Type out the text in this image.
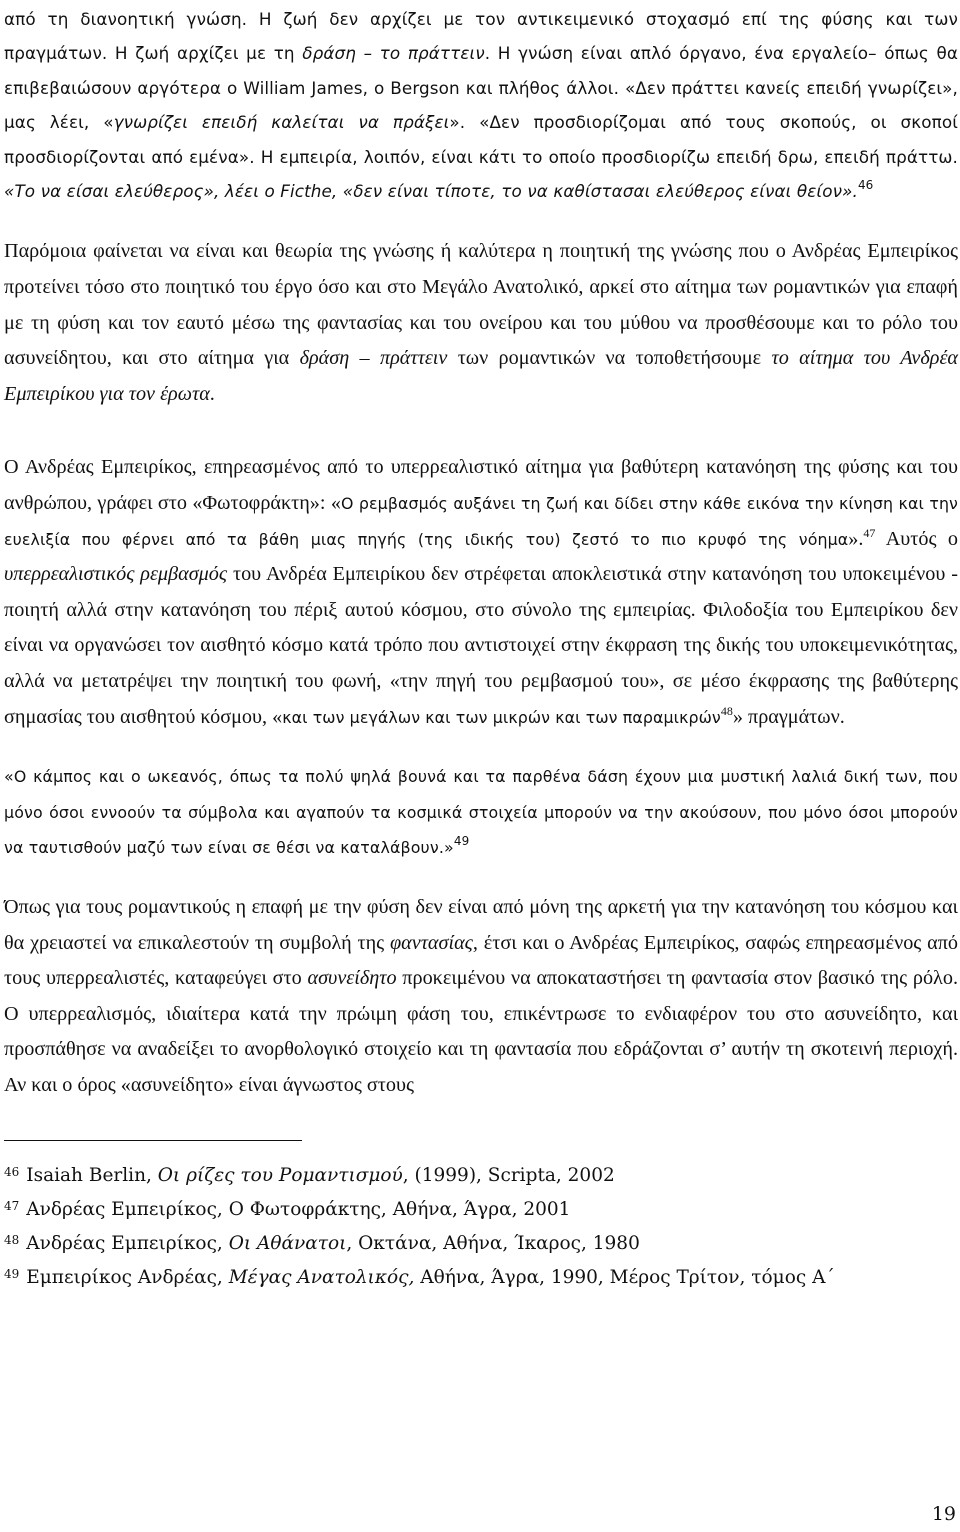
από τη διανοητική γνώση. Η ζωή δεν αρχίζει με τον αντικειμενικό στοχασμό επί της φύσης και των πραγμάτων. Η ζωή αρχίζει με τη δράση – το πράττειν. Η γνώση είναι απλό όργανο, ένα εργαλείο– όπως θα επιβεβαιώσουν αργότερα ο William James, ο Bergson και πλήθος άλλοι. «Δεν πράττει κανείς επειδή γνωρίζει», μας λέει, «γνωρίζει επειδή καλείται να πράξει». «Δεν προσδιορίζομαι από τους σκοπούς, οι σκοποί προσδιορίζονται από εμένα». Η εμπειρία, λοιπόν, είναι κάτι το οποίο προσδιορίζω επειδή δρω, επειδή πράττω. «Το να είσαι ελεύθερος», λέει ο Ficthe, «δεν είναι τίποτε, το να καθίστασαι ελεύθερος είναι θείον».$^{46}$

Παρόμοια φαίνεται να είναι και θεωρία της γνώσης ή καλύτερα η ποιητική της γνώσης που ο Ανδρέας Εμπειρίκος προτείνει τόσο στο ποιητικό του έργο όσο και στο Μεγάλο Ανατολικό, αρκεί στο αίτημα των ρομαντικών για επαφή με τη φύση και τον εαυτό μέσω της φαντασίας και του ονείρου και του μύθου να προσθέσουμε και το ρόλο του ασυνείδητου, και στο αίτημα για δράση – πράττειν των ρομαντικών να τοποθετήσουμε το αίτημα του Ανδρέα Εμπειρίκου για τον έρωτα.

Ο Ανδρέας Εμπειρίκος, επηρεασμένος από το υπερρεαλιστικό αίτημα για βαθύτερη κατανόηση της φύσης και του ανθρώπου, γράφει στο «Φωτοφράκτη»: «Ο ρεμβασμός αυξάνει τη ζωή και δίδει στην κάθε εικόνα την κίνηση και την ευελιξία που φέρνει από τα βάθη μιας πηγής (της ιδικής του) ζεστό το πιο κρυφό της νόημα».$^{47}$ Αυτός ο υπερρεαλιστικός ρεμβασμός του Ανδρέα Εμπειρίκου δεν στρέφεται αποκλειστικά στην κατανόηση του υποκειμένου - ποιητή αλλά στην κατανόηση του πέριξ αυτού κόσμου, στο σύνολο της εμπειρίας. Φιλοδοξία του Εμπειρίκου δεν είναι να οργανώσει τον αισθητό κόσμο κατά τρόπο που αντιστοιχεί στην έκφραση της δικής του υποκειμενικότητας, αλλά να μετατρέψει την ποιητική του φωνή, «την πηγή του ρεμβασμού του», σε μέσο έκφρασης της βαθύτερης σημασίας του αισθητού κόσμου, «και των μεγάλων και των μικρών και των παραμικρών$^{48}$» πραγμάτων.

«Ο κάμπος και ο ωκεανός, όπως τα πολύ ψηλά βουνά και τα παρθένα δάση έχουν μια μυστική λαλιά δική των, που μόνο όσοι εννοούν τα σύμβολα και αγαπούν τα κοσμικά στοιχεία μπορούν να την ακούσουν, που μόνο όσοι μπορούν να ταυτισθούν μαζύ των είναι σε θέσι να καταλάβουν.»$^{49}$

Όπως για τους ρομαντικούς η επαφή με την φύση δεν είναι από μόνη της αρκετή για την κατανόηση του κόσμου και θα χρειαστεί να επικαλεστούν τη συμβολή της φαντασίας, έτσι και ο Ανδρέας Εμπειρίκος, σαφώς επηρεασμένος από τους υπερρεαλιστές, καταφεύγει στο ασυνείδητο προκειμένου να αποκαταστήσει τη φαντασία στον βασικό της ρόλο. Ο υπερρεαλισμός, ιδιαίτερα κατά την πρώιμη φάση του, επικέντρωσε το ενδιαφέρον του στο ασυνείδητο, και προσπάθησε να αναδείξει το ανορθολογικό στοιχείο και τη φαντασία που εδράζονται σ’ αυτήν τη σκοτεινή περιοχή. Αν και ο όρος «ασυνείδητο» είναι άγνωστος στους

$^{46}$ Isaiah Berlin, Οι ρίζες του Ρομαντισμού, (1999), Scripta, 2002

$^{47}$ Ανδρέας Εμπειρίκος, Ο Φωτοφράκτης, Αθήνα, Άγρα, 2001

$^{48}$ Ανδρέας Εμπειρίκος, Οι Αθάνατοι, Οκτάνα, Αθήνα, Ίκαρος, 1980

$^{49}$ Εμπειρίκος Ανδρέας, Μέγας Ανατολικός, Αθήνα, Άγρα, 1990, Μέρος Τρίτον, τόμος Α΄

19
